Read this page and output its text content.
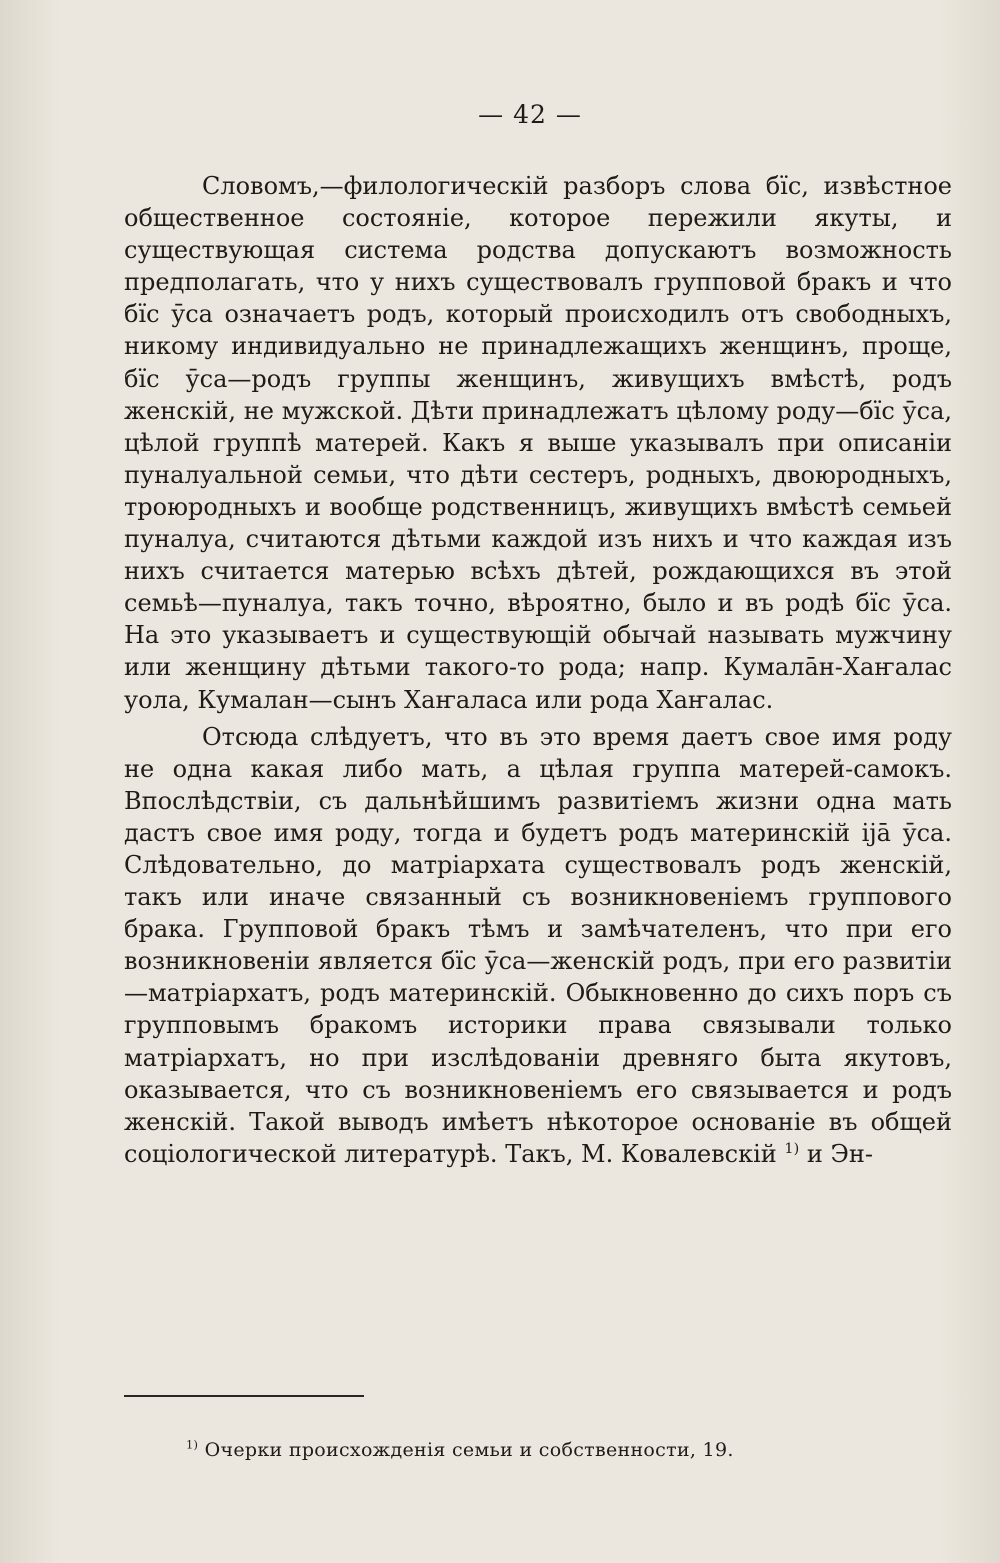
— 42 —

Словомъ,—филологическій разборъ слова бїс, извѣстное общественное состояніе, которое пережили якуты, и существующая система родства допускаютъ возможность предполагать, что у нихъ существовалъ групповой бракъ и что бїс ӯса означаетъ родъ, который происходилъ отъ свободныхъ, никому индивидуально не принадлежащихъ женщинъ, проще, бїс ӯса—родъ группы женщинъ, живущихъ вмѣстѣ, родъ женскій, не мужской. Дѣти принадлежатъ цѣлому роду—бїс ӯса, цѣлой группѣ матерей. Какъ я выше указывалъ при описаніи пуналуальной семьи, что дѣти сестеръ, родныхъ, двоюродныхъ, троюродныхъ и вообще родственницъ, живущихъ вмѣстѣ семьей пуналуа, считаются дѣтьми каждой изъ нихъ и что каждая изъ нихъ считается матерью всѣхъ дѣтей, рождающихся въ этой семьѣ—пуналуа, такъ точно, вѣроятно, было и въ родѣ бїс ӯса. На это указываетъ и существующій обычай называть мужчину или женщину дѣтьми такого-то рода; напр. Кумалāн-Хаҥалас уола, Кумалан—сынъ Хаҥаласа или рода Хаҥалас.

Отсюда слѣдуетъ, что въ это время даетъ свое имя роду не одна какая либо мать, а цѣлая группа матерей-самокъ. Впослѣдствіи, съ дальнѣйшимъ развитіемъ жизни одна мать дастъ свое имя роду, тогда и будетъ родъ материнскій іјā ӯса. Слѣдовательно, до матріархата существовалъ родъ женскій, такъ или иначе связанный съ возникновеніемъ группового брака. Групповой бракъ тѣмъ и замѣчателенъ, что при его возникновеніи является бїс ӯса—женскій родъ, при его развитіи—матріархатъ, родъ материнскій. Обыкновенно до сихъ поръ съ групповымъ бракомъ историки права связывали только матріархатъ, но при изслѣдованіи древняго быта якутовъ, оказывается, что съ возникновеніемъ его связывается и родъ женскій. Такой выводъ имѣетъ нѣкоторое основаніе въ общей соціологической литературѣ. Такъ, М. Ковалевскій $^{1)}$ и Эн-

$^{1)}$ Очерки происхожденія семьи и собственности, 19.
